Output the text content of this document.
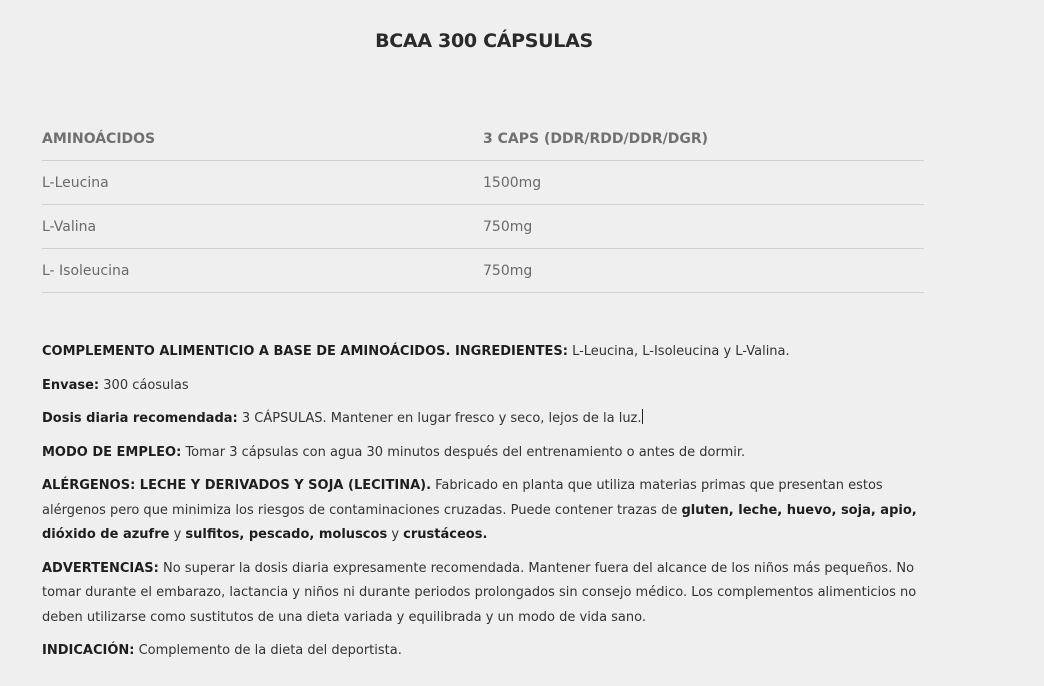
BCAA 300 CÁPSULAS
AMINOÁCIDOS	3 CAPS (DDR/RDD/DDR/DGR)
L-Leucina	1500mg
L-Valina	750mg
L- Isoleucina	750mg

COMPLEMENTO ALIMENTICIO A BASE DE AMINOÁCIDOS. INGREDIENTES: L-Leucina, L-Isoleucina y L-Valina.

Envase: 300 cáosulas

Dosis diaria recomendada: 3 CÁPSULAS. Mantener en lugar fresco y seco, lejos de la luz.

MODO DE EMPLEO: Tomar 3 cápsulas con agua 30 minutos después del entrenamiento o antes de dormir.

ALÉRGENOS: LECHE Y DERIVADOS Y SOJA (LECITINA). Fabricado en planta que utiliza materias primas que presentan estos alérgenos pero que minimiza los riesgos de contaminaciones cruzadas. Puede contener trazas de gluten, leche, huevo, soja, apio, dióxido de azufre y sulfitos, pescado, moluscos y crustáceos.

ADVERTENCIAS: No superar la dosis diaria expresamente recomendada. Mantener fuera del alcance de los niños más pequeños. No tomar durante el embarazo, lactancia y niños ni durante periodos prolongados sin consejo médico. Los complementos alimenticios no deben utilizarse como sustitutos de una dieta variada y equilibrada y un modo de vida sano.

INDICACIÓN: Complemento de la dieta del deportista.
